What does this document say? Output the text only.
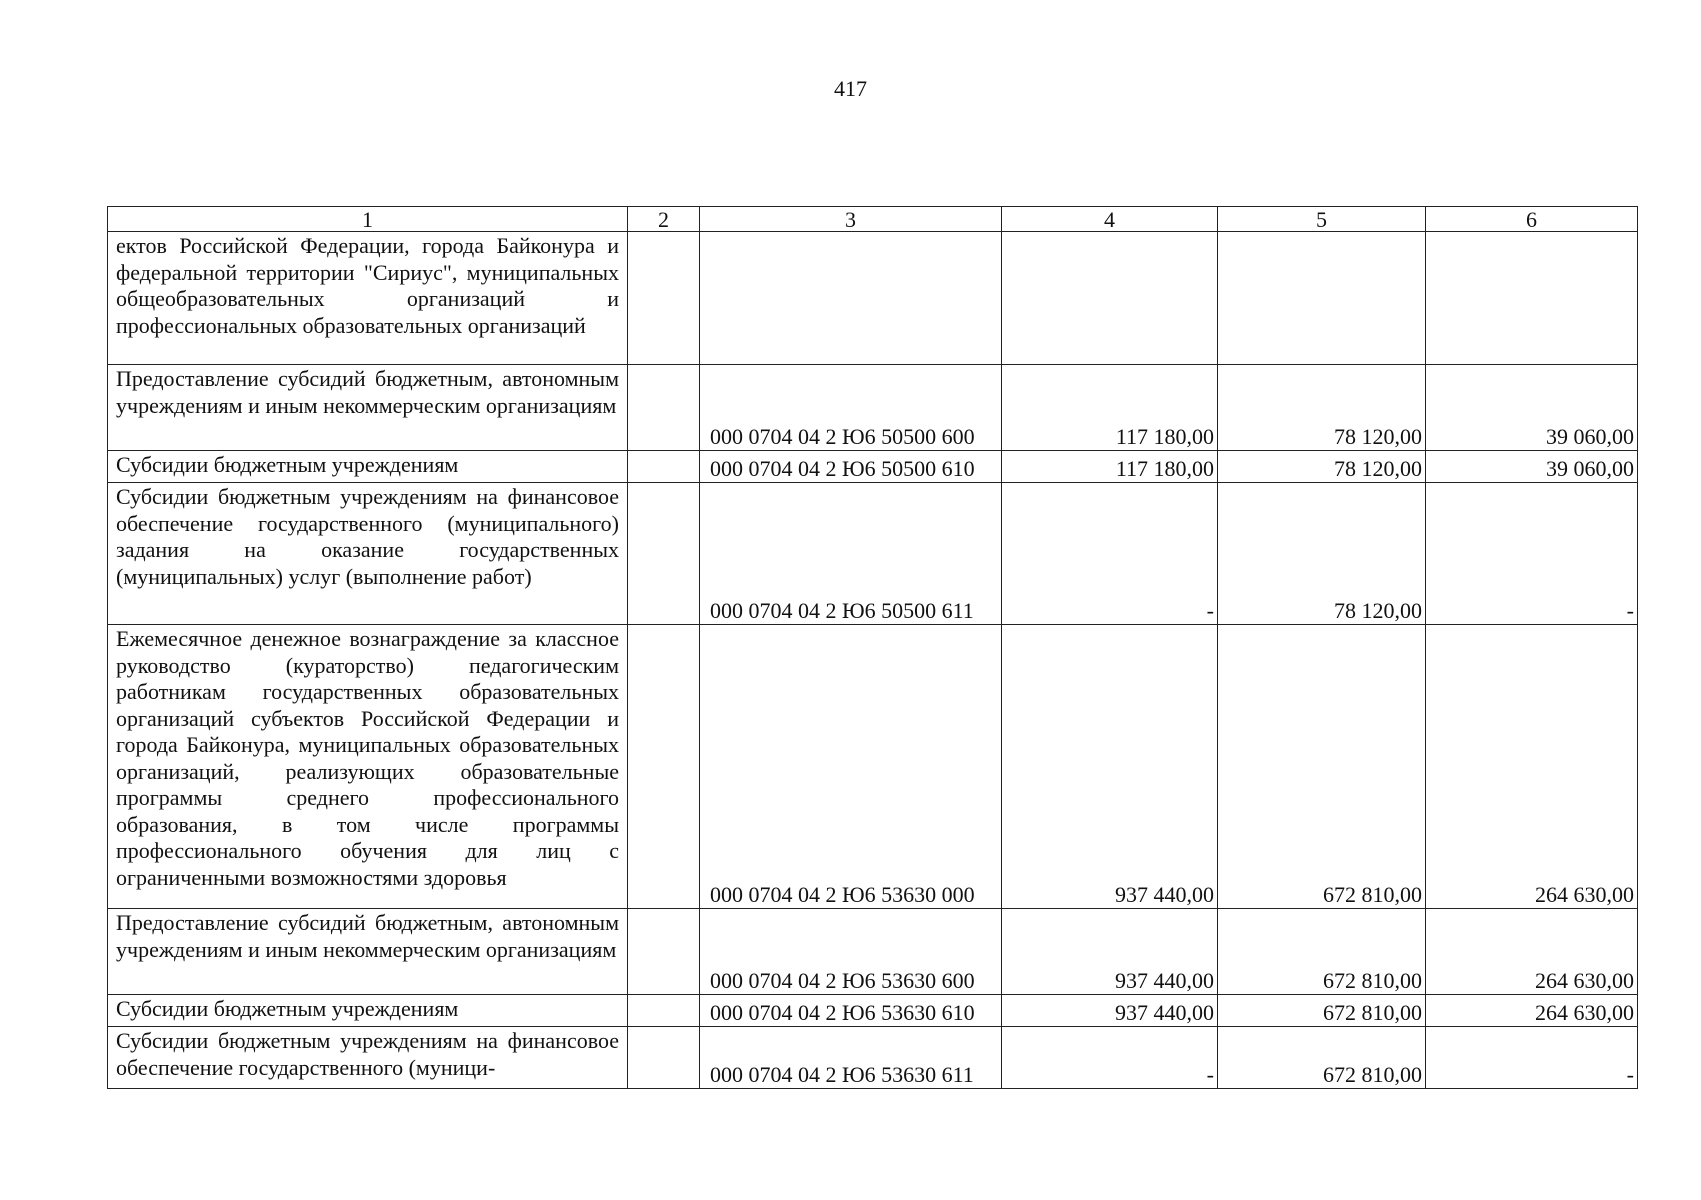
417
1	2	3	4	5	6
ектов Российской Федерации, города Байконура и федеральной территории "Сириус", муниципальных общеобразовательных организаций и профессиональных образовательных организаций					
Предоставление субсидий бюджетным, автономным учреждениям и иным некоммерческим организациям		000 0704 04 2 Ю6 50500 600	117 180,00	78 120,00	39 060,00
Субсидии бюджетным учреждениям		000 0704 04 2 Ю6 50500 610	117 180,00	78 120,00	39 060,00
Субсидии бюджетным учреждениям на финансовое обеспечение государственного (муниципального) задания на оказание государственных (муниципальных) услуг (выполнение работ)		000 0704 04 2 Ю6 50500 611	-	78 120,00	-
Ежемесячное денежное вознаграждение за классное руководство (кураторство) педагогическим работникам государственных образовательных организаций субъектов Российской Федерации и города Байконура, муниципальных образовательных организаций, реализующих образовательные программы среднего профессионального образования, в том числе программы профессионального обучения для лиц с ограниченными возможностями здоровья		000 0704 04 2 Ю6 53630 000	937 440,00	672 810,00	264 630,00
Предоставление субсидий бюджетным, автономным учреждениям и иным некоммерческим организациям		000 0704 04 2 Ю6 53630 600	937 440,00	672 810,00	264 630,00
Субсидии бюджетным учреждениям		000 0704 04 2 Ю6 53630 610	937 440,00	672 810,00	264 630,00
Субсидии бюджетным учреждениям на финансовое обеспечение государственного (муници-		000 0704 04 2 Ю6 53630 611	-	672 810,00	-
